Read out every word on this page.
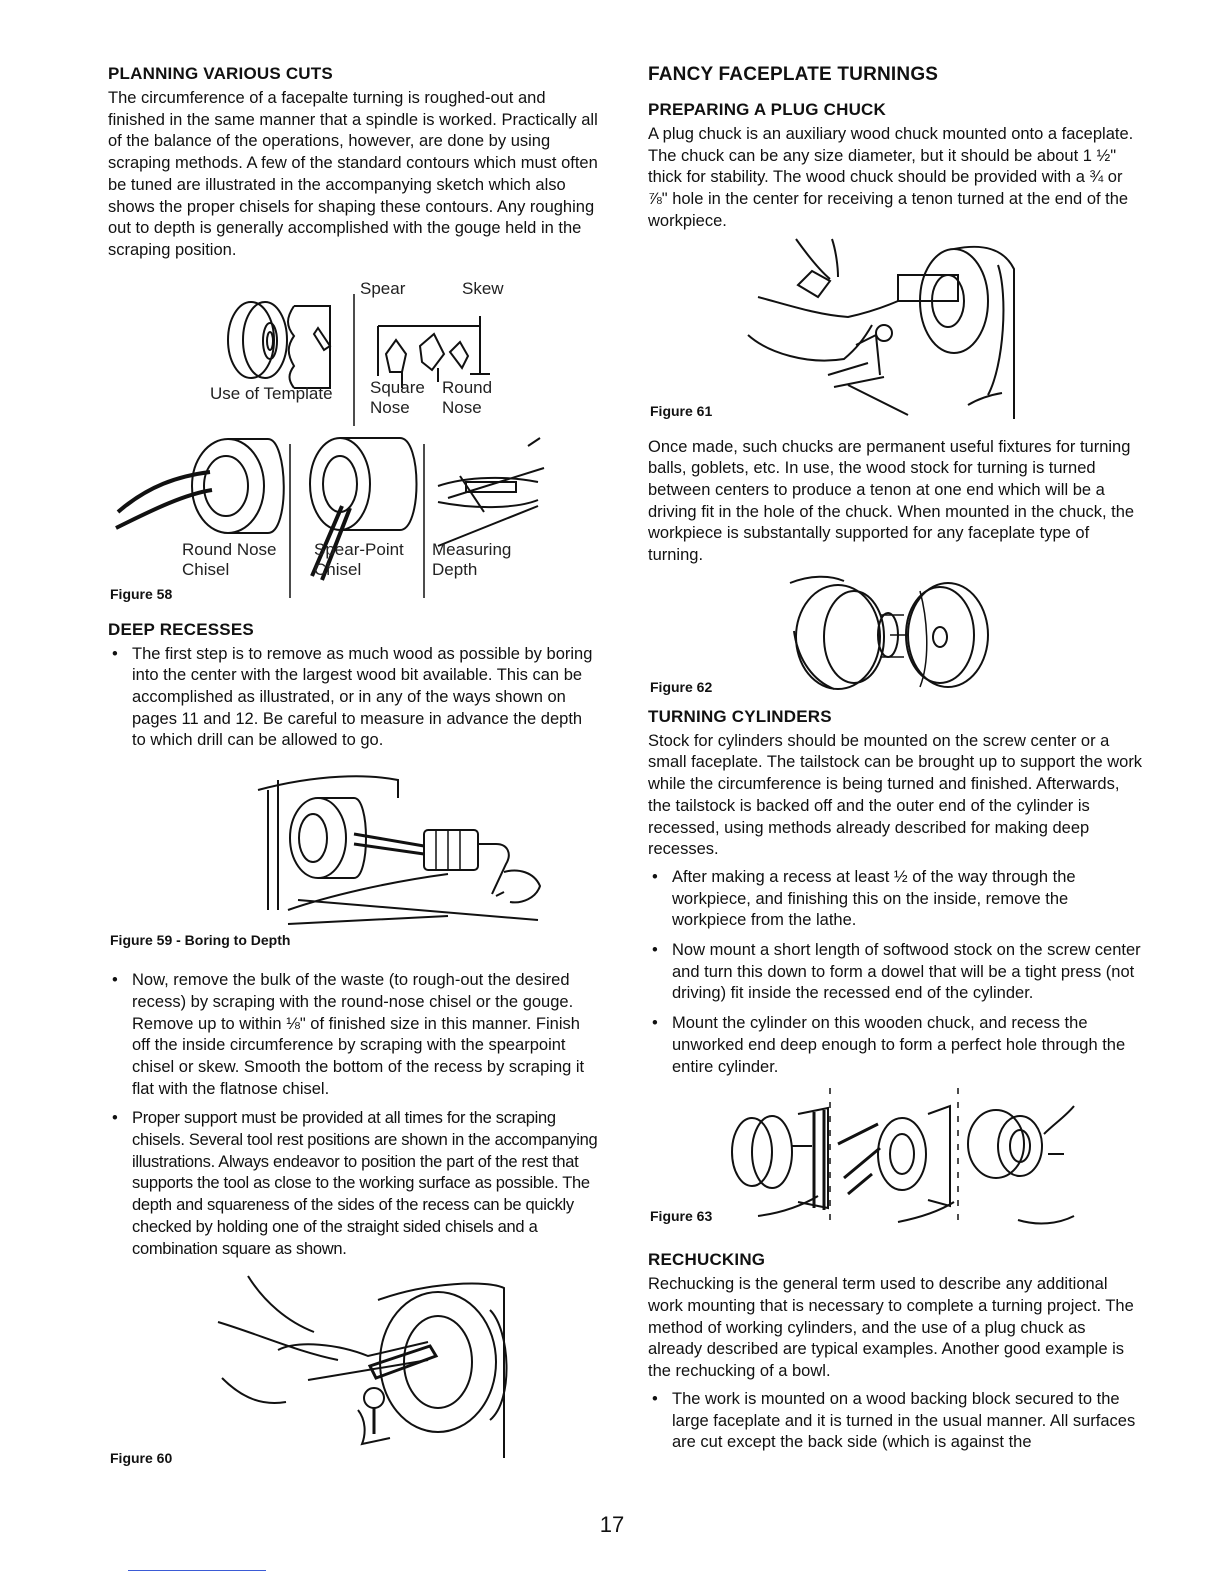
PLANNING VARIOUS CUTS

The circumference of a facepalte turning is roughed-out and finished in the same manner that a spindle is worked. Practically all of the balance of the operations, however, are done by using scraping methods. A few of the standard contours which must often be tuned are illustrated in the accompanying sketch which also shows the proper chisels for shaping these contours. Any roughing out to depth is generally accomplished with the gouge held in the scraping position.

Spear	Skew
Use of Template Square
Nose
Round
Nose
Round Nose
Chisel
Spear-Point
Chisel
Measuring
Depth
Figure 58
DEEP RECESSES
• The first step is to remove as much wood as possible by boring into the center with the largest wood bit available. This can be accomplished as illustrated, or in any of the ways shown on pages 11 and 12. Be careful to measure in advance the depth to which drill can be allowed to go.
Figure 59 - Boring to Depth
• Now, remove the bulk of the waste (to rough-out the desired recess) by scraping with the round-nose chisel or the gouge. Remove up to within ⅛" of finished size in this manner. Finish off the inside circumference by scraping with the spearpoint chisel or skew. Smooth the bottom of the recess by scraping it flat with the flatnose chisel.
• Proper support must be provided at all times for the scraping chisels. Several tool rest positions are shown in the accompanying illustrations. Always endeavor to position the part of the rest that supports the tool as close to the working surface as possible. The depth and squareness of the sides of the recess can be quickly checked by holding one of the straight sided chisels and a combination square as shown.
Figure 60
FANCY FACEPLATE TURNINGS
PREPARING A PLUG CHUCK

A plug chuck is an auxiliary wood chuck mounted onto a faceplate. The chuck can be any size diameter, but it should be about 1 ½" thick for stability. The wood chuck should be provided with a ¾ or ⅞" hole in the center for receiving a tenon turned at the end of the workpiece.

Figure 61

Once made, such chucks are permanent useful fixtures for turning balls, goblets, etc. In use, the wood stock for turning is turned between centers to produce a tenon at one end which will be a driving fit in the hole of the chuck. When mounted in the chuck, the workpiece is substantally supported for any faceplate type of turning.

Figure 62
TURNING CYLINDERS

Stock for cylinders should be mounted on the screw center or a small faceplate. The tailstock can be brought up to support the work while the circumference is being turned and finished. Afterwards, the tailstock is backed off and the outer end of the cylinder is recessed, using methods already described for making deep recesses.

• After making a recess at least ½ of the way through the workpiece, and finishing this on the inside, remove the workpiece from the lathe.
• Now mount a short length of softwood stock on the screw center and turn this down to form a dowel that will be a tight press (not driving) fit inside the recessed end of the cylinder.
• Mount the cylinder on this wooden chuck, and recess the unworked end deep enough to form a perfect hole through the entire cylinder.
Figure 63
RECHUCKING

Rechucking is the general term used to describe any additional work mounting that is necessary to complete a turning project. The method of working cylinders, and the use of a plug chuck as already described are typical examples. Another good example is the rechucking of a bowl.

• The work is mounted on a wood backing block secured to the large faceplate and it is turned in the usual manner. All surfaces are cut except the back side (which is against the
17
